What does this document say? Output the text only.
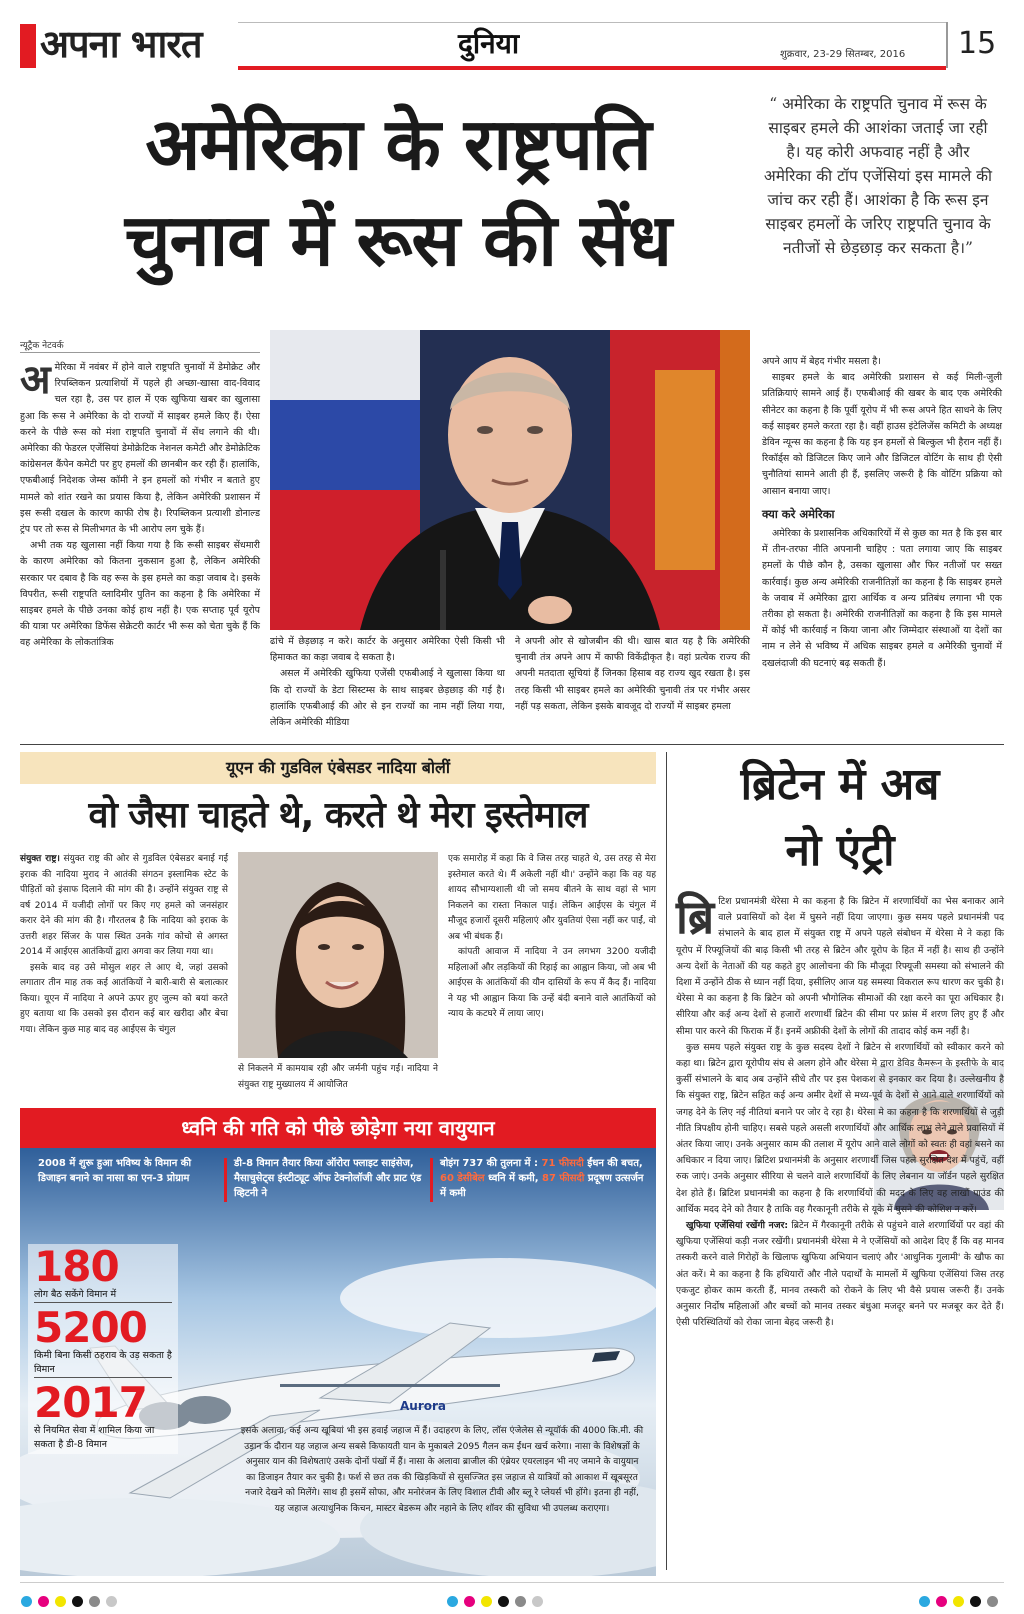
अपना भारत	दुनिया	शुक्रवार, 23-29 सितम्बर, 2016 15
अमेरिका के राष्ट्रपति
चुनाव में रूस की सेंध
“ अमेरिका के राष्ट्रपति चुनाव में रूस के साइबर हमले की आशंका जताई जा रही है। यह कोरी अफवाह नहीं है और अमेरिका की टॉप एजेंसियां इस मामले की जांच कर रही हैं। आशंका है कि रूस इन साइबर हमलों के जरिए राष्ट्रपति चुनाव के नतीजों से छेड़छाड़ कर सकता है।”
न्यूट्रैक नेटवर्क
अ मेरिका में नवंबर में होने वाले राष्ट्रपति चुनावों में डेमोक्रेट और रिपब्लिकन प्रत्याशियों में पहले ही अच्छा-खासा वाद-विवाद चल रहा है, उस पर हाल में एक खुफिया खबर का खुलासा हुआ कि रूस ने अमेरिका के दो राज्यों में साइबर हमले किए हैं। ऐसा करने के पीछे रूस को मंशा राष्ट्रपति चुनावों में सेंध लगाने की थी। अमेरिका की फेडरल एजेंसियां डेमोक्रेटिक नेशनल कमेटी और डेमोक्रेटिक कांग्रेसनल कैंपेन कमेटी पर हुए हमलों की छानबीन कर रही हैं। हालांकि, एफबीआई निदेशक जेम्स कॉमी ने इन हमलों को गंभीर न बताते हुए मामले को शांत रखने का प्रयास किया है, लेकिन अमेरिकी प्रशासन में इस रूसी दखल के कारण काफी रोष है। रिपब्लिकन प्रत्याशी डोनाल्ड ट्रंप पर तो रूस से मिलीभगत के भी आरोप लग चुके हैं।

अभी तक यह खुलासा नहीं किया गया है कि रूसी साइबर सेंधमारी के कारण अमेरिका को कितना नुकसान हुआ है, लेकिन अमेरिकी सरकार पर दबाव है कि वह रूस के इस हमले का कड़ा जवाब दे। इसके विपरीत, रूसी राष्ट्रपति व्लादिमीर पुतिन का कहना है कि अमेरिका में साइबर हमले के पीछे उनका कोई हाथ नहीं है। एक सप्ताह पूर्व यूरोप की यात्रा पर अमेरिका डिफेंस सेक्रेटरी कार्टर भी रूस को चेता चुके हैं कि वह अमेरिका के लोकतांत्रिक	ढांचे में छेड़छाड़ न करे। कार्टर के अनुसार अमेरिका ऐसी किसी भी हिमाकत का कड़ा जवाब दे सकता है।

असल में अमेरिकी खुफिया एजेंसी एफबीआई ने खुलासा किया था कि दो राज्यों के डेटा सिस्टम्स के साथ साइबर छेड़छाड़ की गई है। हालांकि एफबीआई की ओर से इन राज्यों का नाम नहीं लिया गया, लेकिन अमेरिकी मीडिया

ने अपनी ओर से खोजबीन की थी। खास बात यह है कि अमेरिकी चुनावी तंत्र अपने आप में काफी विकेंद्रीकृत है। वहां प्रत्येक राज्य की अपनी मतदाता सूचियां हैं जिनका हिसाब वह राज्य खुद रखता है। इस तरह किसी भी साइबर हमले का अमेरिकी चुनावी तंत्र पर गंभीर असर नहीं पड़ सकता, लेकिन इसके बावजूद दो राज्यों में साइबर हमला

अपने आप में बेहद गंभीर मसला है।

साइबर हमले के बाद अमेरिकी प्रशासन से कई मिली-जुली प्रतिक्रियाएं सामने आई हैं। एफबीआई की खबर के बाद एक अमेरिकी सीनेटर का कहना है कि पूर्वी यूरोप में भी रूस अपने हित साधने के लिए कई साइबर हमले करता रहा है। वहीं हाउस इंटेलिजेंस कमिटी के अध्यक्ष डेविन न्यून्स का कहना है कि यह इन हमलों से बिल्कुल भी हैरान नहीं हैं। रिकॉर्ड्स को डिजिटल किए जाने और डिजिटल वोटिंग के साथ ही ऐसी चुनौतियां सामने आती ही हैं, इसलिए जरूरी है कि वोटिंग प्रक्रिया को आसान बनाया जाए।

क्या करे अमेरिका

अमेरिका के प्रशासनिक अधिकारियों में से कुछ का मत है कि इस बार में तीन-तरफा नीति अपनानी चाहिए : पता लगाया जाए कि साइबर हमलों के पीछे कौन है, उसका खुलासा और फिर नतीजों पर सख्त कार्रवाई। कुछ अन्य अमेरिकी राजनीतिज्ञों का कहना है कि साइबर हमले के जवाब में अमेरिका द्वारा आर्थिक व अन्य प्रतिबंध लगाना भी एक तरीका हो सकता है। अमेरिकी राजनीतिज्ञों का कहना है कि इस मामले में कोई भी कार्रवाई न किया जाना और जिम्मेदार संस्थाओं या देशों का नाम न लेने से भविष्य में अधिक साइबर हमले व अमेरिकी चुनावों में दखलंदाजी की घटनाएं बढ़ सकती हैं।

यूएन की गुडविल एंबेसडर नादिया बोलीं
वो जैसा चाहते थे, करते थे मेरा इस्तेमाल

संयुक्त राष्ट्र। संयुक्त राष्ट्र की ओर से गुडविल एंबेसडर बनाई गई इराक की नादिया मुराद ने आतंकी संगठन इस्लामिक स्टेट के पीड़ितों को इंसाफ दिलाने की मांग की है। उन्होंने संयुक्त राष्ट्र से वर्ष 2014 में यजीदी लोगों पर किए गए हमले को जनसंहार करार देने की मांग की है। गौरतलब है कि नादिया को इराक के उत्तरी शहर सिंजर के पास स्थित उनके गांव कोचो से अगस्त 2014 में आईएस आतंकियों द्वारा अगवा कर लिया गया था।

इसके बाद वह उसे मोसुल शहर ले आए थे, जहां उसको लगातार तीन माह तक कई आतंकियों ने बारी-बारी से बलात्कार किया। यूएन में नादिया ने अपने ऊपर हुए जुल्म को बयां करते हुए बताया था कि उसको इस दौरान कई बार खरीदा और बेचा गया। लेकिन कुछ माह बाद वह आईएस के चंगुल

से निकलने में कामयाब रही और जर्मनी पहुंच गई। नादिया ने संयुक्त राष्ट्र मुख्यालय में आयोजित

एक समारोह में कहा कि वे जिस तरह चाहते थे, उस तरह से मेरा इस्तेमाल करते थे। मैं अकेली नहीं थी।' उन्होंने कहा कि वह यह शायद सौभाग्यशाली थी जो समय बीतने के साथ वहां से भाग निकलने का रास्ता निकाल पाई। लेकिन आईएस के चंगुल में मौजूद हजारों दूसरी महिलाएं और युवतियां ऐसा नहीं कर पाईं, वो अब भी बंधक हैं।

कांपती आवाज में नादिया ने उन लगभग 3200 यजीदी महिलाओं और लड़कियों की रिहाई का आह्वान किया, जो अब भी आईएस के आतंकियों की यौन दासियों के रूप में कैद हैं। नादिया ने यह भी आह्वान किया कि उन्हें बंदी बनाने वाले आतंकियों को न्याय के कटघरे में लाया जाए।

ध्वनि की गति को पीछे छोड़ेगा नया वायुयान
Aurora
2008 में शुरू हुआ भविष्य के विमान की डिजाइन बनाने का नासा का एन-3 प्रोग्राम
डी-8 विमान तैयार किया ऑरोरा फ्लाइट साइंसेज, मैसाचुसेट्स इंस्टीट्यूट ऑफ टेक्नोलॉजी और प्राट एंड व्हिटनी ने
बोइंग 737 की तुलना में : 71 फीसदी ईंधन की बचत, 60 डेसीबेल ध्वनि में कमी, 87 फीसदी प्रदूषण उत्सर्जन में कमी
180
लोग बैठ सकेंगे विमान में
5200
किमी बिना किसी ठहराव के उड़ सकता है विमान
2017
से नियमित सेवा में शामिल किया जा सकता है डी-8 विमान
इसके अलावा, कई अन्य खूबियां भी इस हवाई जहाज में हैं। उदाहरण के लिए, लॉस एंजेलेस से न्यूयॉर्क की 4000 कि.मी. की उड़ान के दौरान यह जहाज अन्य सबसे किफायती यान के मुकाबले 2095 गैलन कम ईंधन खर्च करेगा। नासा के विशेषज्ञों के अनुसार यान की विशेषताएं उसके दोनों पंखों में हैं। नासा के अलावा ब्राजील की एंब्रेयर एयरलाइन भी नए जमाने के वायुयान का डिजाइन तैयार कर चुकी है। फर्श से छत तक की खिड़कियों से सुसज्जित इस जहाज से यात्रियों को आकाश में खूबसूरत नजारे देखने को मिलेंगे। साथ ही इसमें सोफा, और मनोरंजन के लिए विशाल टीवी और ब्लू रे प्लेयर्स भी होंगे। इतना ही नहीं, यह जहाज अत्याधुनिक किचन, मास्टर बेडरूम और नहाने के लिए शॉवर की सुविधा भी उपलब्ध कराएगा।
ब्रिटेन में अब
नो एंट्री
ब्रि टिश प्रधानमंत्री थेरेसा मे का कहना है कि ब्रिटेन में शरणार्थियों का भेस बनाकर आने वाले प्रवासियों को देश में घुसने नहीं दिया जाएगा। कुछ समय पहले प्रधानमंत्री पद संभालने के बाद हाल में संयुक्त राष्ट्र में अपने पहले संबोधन में थेरेसा मे ने कहा कि यूरोप में रिफ्यूजियों की बाढ़ किसी भी तरह से ब्रिटेन और यूरोप के हित में नहीं है। साथ ही उन्होंने अन्य देशों के नेताओं की यह कहते हुए आलोचना की कि मौजूदा रिफ्यूजी समस्या को संभालने की दिशा में उन्होंने ठीक से ध्यान नहीं दिया, इसीलिए आज यह समस्या विकराल रूप धारण कर चुकी है। थेरेसा मे का कहना है कि ब्रिटेन को अपनी भौगोलिक सीमाओं की रक्षा करने का पूरा अधिकार है। सीरिया और कई अन्य देशों से हजारों शरणार्थी ब्रिटेन की सीमा पर फ्रांस में शरण लिए हुए हैं और सीमा पार करने की फिराक में हैं। इनमें अफ्रीकी देशों के लोगों की तादाद कोई कम नहीं है।

कुछ समय पहले संयुक्त राष्ट्र के कुछ सदस्य देशों ने ब्रिटेन से शरणार्थियों को स्वीकार करने को कहा था। ब्रिटेन द्वारा यूरोपीय संघ से अलग होने और थेरेसा मे द्वारा डेविड कैमरून के इस्तीफे के बाद कुर्सी संभालने के बाद अब उन्होंने सीधे तौर पर इस पेशकश से इनकार कर दिया है। उल्लेखनीय है कि संयुक्त राष्ट्र, ब्रिटेन सहित कई अन्य अमीर देशों से मध्य-पूर्व के देशों से आने वाले शरणार्थियों को जगह देने के लिए नई नीतियां बनाने पर जोर दे रहा है। थेरेसा मे का कहना है कि शरणार्थियों से जुड़ी नीति त्रिपक्षीय होनी चाहिए। सबसे पहले असली शरणार्थियों और आर्थिक लाभ लेने वाले प्रवासियों में अंतर किया जाए। उनके अनुसार काम की तलाश में यूरोप आने वाले लोगों को स्वतः ही वहां बसने का अधिकार न दिया जाए। ब्रिटिश प्रधानमंत्री के अनुसार शरणार्थी जिस पहले सुरक्षित देश में पहुंचें, वहीं रुक जाएं। उनके अनुसार सीरिया से चलने वाले शरणार्थियों के लिए लेबनान या जॉर्डन पहले सुरक्षित देश होते हैं। ब्रिटिश प्रधानमंत्री का कहना है कि शरणार्थियों की मदद के लिए वह लाखों पाउंड की आर्थिक मदद देने को तैयार है ताकि वह गैरकानूनी तरीके से यूके में घुसने की कोशिश न करें।

खुफिया एजेंसियां रखेंगी नजर: ब्रिटेन में गैरकानूनी तरीके से पहुंचने वाले शरणार्थियों पर वहां की खुफिया एजेंसियां कड़ी नजर रखेंगी। प्रधानमंत्री थेरेसा मे ने एजेंसियों को आदेश दिए हैं कि वह मानव तस्करी करने वाले गिरोहों के खिलाफ खुफिया अभियान चलाएं और 'आधुनिक गुलामी' के खौफ का अंत करें। मे का कहना है कि हथियारों और नीले पदार्थों के मामलों में खुफिया एजेंसियां जिस तरह एकजुट होकर काम करती हैं, मानव तस्करी को रोकने के लिए भी वैसे प्रयास जरूरी हैं। उनके अनुसार निर्दोष महिलाओं और बच्चों को मानव तस्कर बंधुआ मजदूर बनने पर मजबूर कर देते हैं। ऐसी परिस्थितियों को रोका जाना बेहद जरूरी है।
